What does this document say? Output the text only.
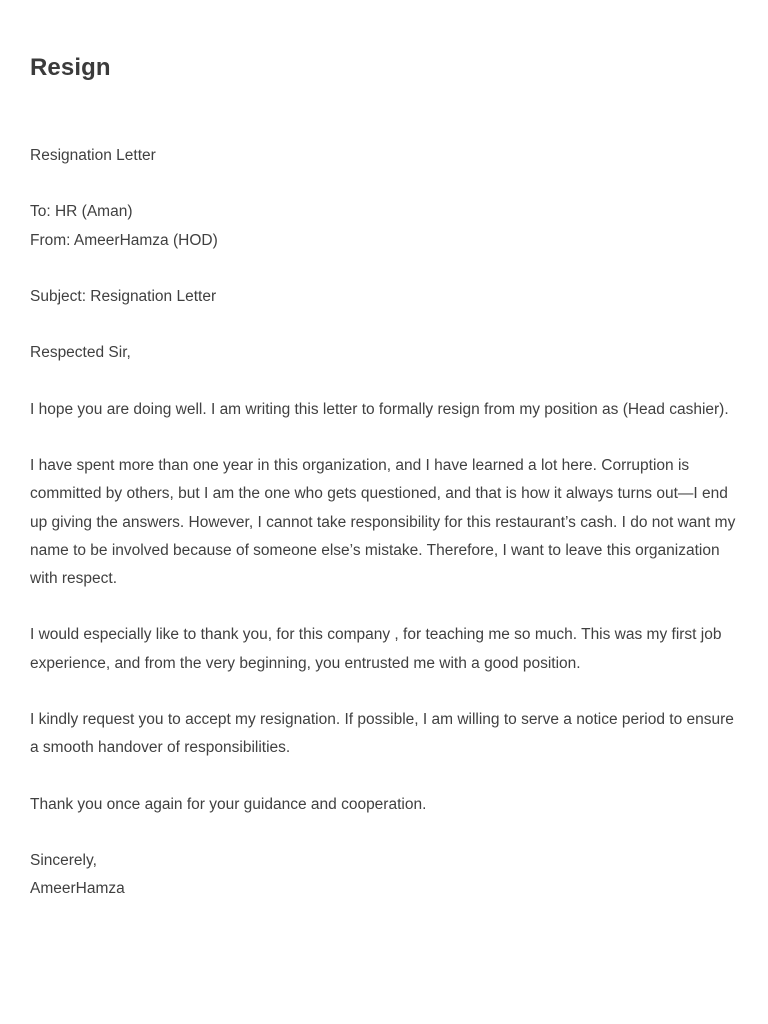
Resign

Resignation Letter

To: HR (Aman)
From: AmeerHamza (HOD)

Subject: Resignation Letter

Respected Sir,

I hope you are doing well. I am writing this letter to formally resign from my position as (Head cashier).

I have spent more than one year in this organization, and I have learned a lot here. Corruption is committed by others, but I am the one who gets questioned, and that is how it always turns out—I end up giving the answers. However, I cannot take responsibility for this restaurant’s cash. I do not want my name to be involved because of someone else’s mistake. Therefore, I want to leave this organization with respect.

I would especially like to thank you, for this company , for teaching me so much. This was my first job experience, and from the very beginning, you entrusted me with a good position.

I kindly request you to accept my resignation. If possible, I am willing to serve a notice period to ensure a smooth handover of responsibilities.

Thank you once again for your guidance and cooperation.

Sincerely,
AmeerHamza
